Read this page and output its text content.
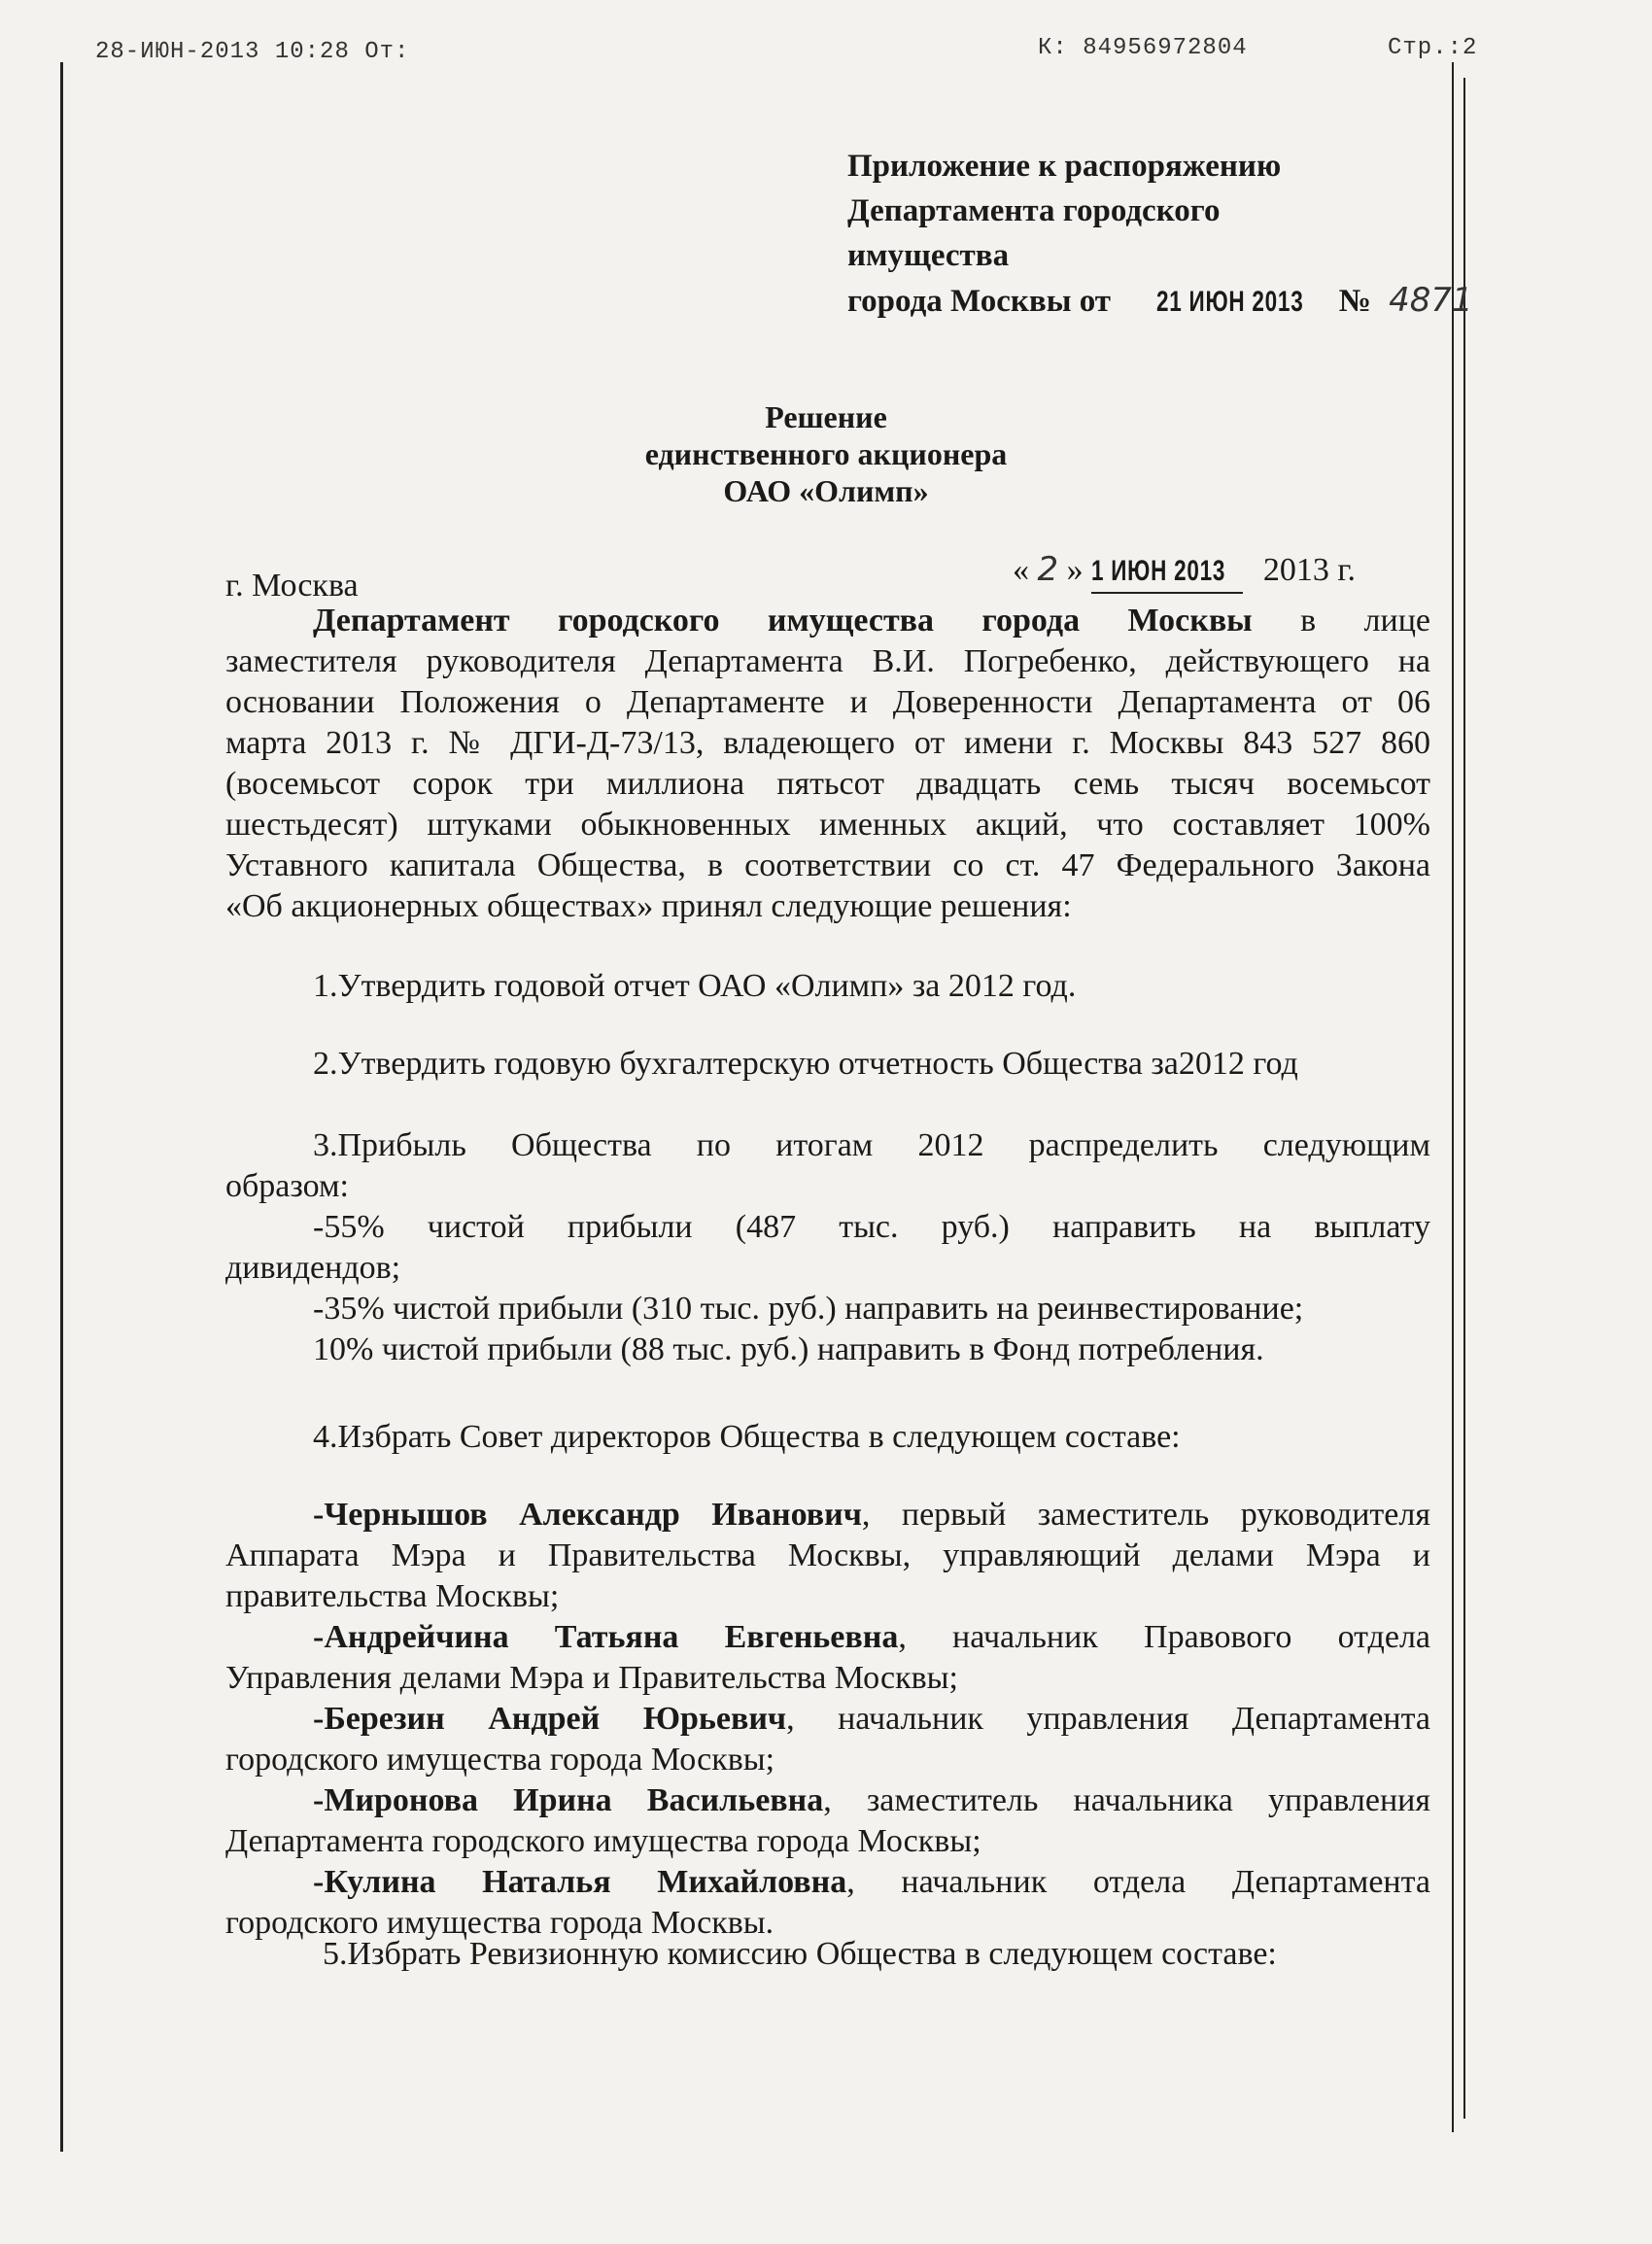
28-ИЮН-2013 10:28 От:	К: 84956972804	Стр.:2
Приложение к распоряжению
Департамента городского
имущества
города Москвы от 21 ИЮН 2013 № 4871
Решение
единственного акционера
ОАО «Олимп»
г. Москва	« 2 » 1 ИЮН 2013 2013 г.
Департамент городского имущества города Москвы в лице
заместителя руководителя Департамента В.И. Погребенко, действующего на
основании Положения о Департаменте и Доверенности Департамента от 06
марта 2013 г. № ДГИ-Д-73/13, владеющего от имени г. Москвы 843 527 860
(восемьсот сорок три миллиона пятьсот двадцать семь тысяч восемьсот
шестьдесят) штуками обыкновенных именных акций, что составляет 100%
Уставного капитала Общества, в соответствии со ст. 47 Федерального Закона
«Об акционерных обществах» принял следующие решения:
1.Утвердить годовой отчет ОАО «Олимп» за 2012 год.
2.Утвердить годовую бухгалтерскую отчетность Общества за2012 год
3.Прибыль Общества по итогам 2012 распределить следующим
образом:
-55% чистой прибыли (487 тыс. руб.) направить на выплату
дивидендов;
-35% чистой прибыли (310 тыс. руб.) направить на реинвестирование;
10% чистой прибыли (88 тыс. руб.) направить в Фонд потребления.
4.Избрать Совет директоров Общества в следующем составе:
-Чернышов Александр Иванович, первый заместитель руководителя
Аппарата Мэра и Правительства Москвы, управляющий делами Мэра и
правительства Москвы;
-Андрейчина Татьяна Евгеньевна, начальник Правового отдела
Управления делами Мэра и Правительства Москвы;
-Березин Андрей Юрьевич, начальник управления Департамента
городского имущества города Москвы;
-Миронова Ирина Васильевна, заместитель начальника управления
Департамента городского имущества города Москвы;
-Кулина Наталья Михайловна, начальник отдела Департамента
городского имущества города Москвы.
5.Избрать Ревизионную комиссию Общества в следующем составе:
